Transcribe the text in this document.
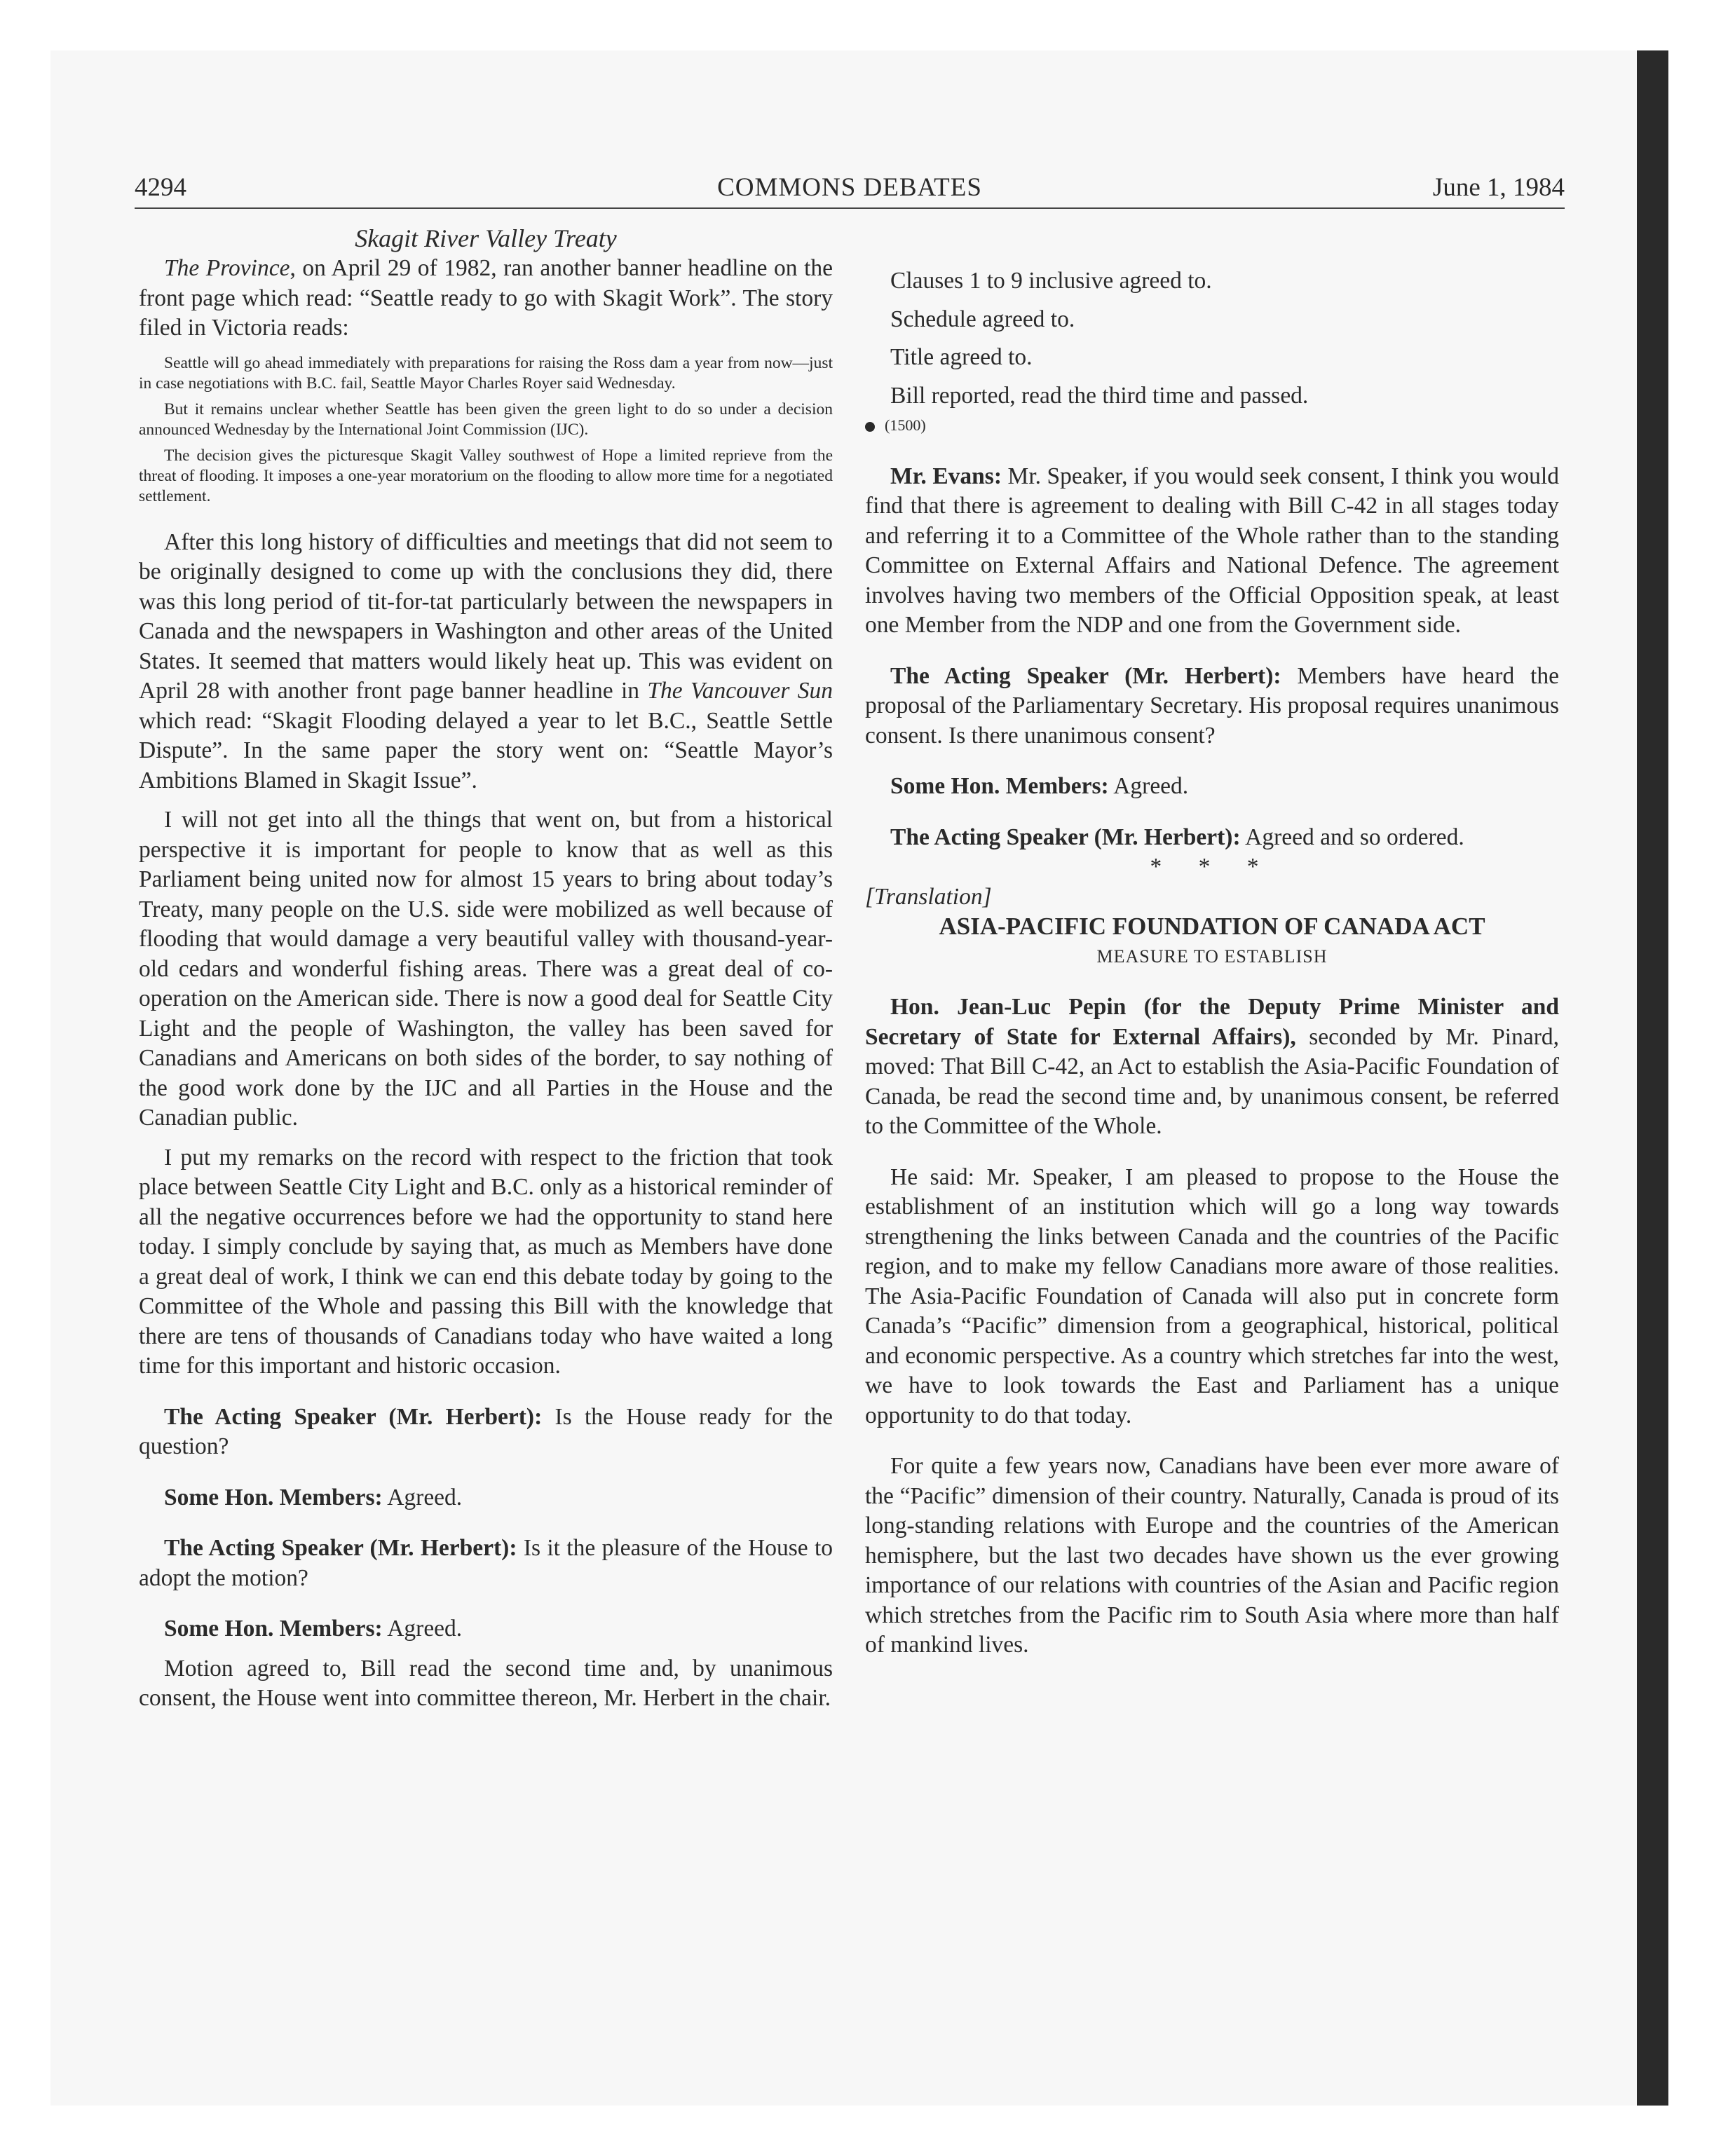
4294	COMMONS DEBATES	June 1, 1984

Skagit River Valley Treaty

The Province, on April 29 of 1982, ran another banner headline on the front page which read: “Seattle ready to go with Skagit Work”. The story filed in Victoria reads:

Seattle will go ahead immediately with preparations for raising the Ross dam a year from now—just in case negotiations with B.C. fail, Seattle Mayor Charles Royer said Wednesday.

But it remains unclear whether Seattle has been given the green light to do so under a decision announced Wednesday by the International Joint Commission (IJC).

The decision gives the picturesque Skagit Valley southwest of Hope a limited reprieve from the threat of flooding. It imposes a one-year moratorium on the flooding to allow more time for a negotiated settlement.

After this long history of difficulties and meetings that did not seem to be originally designed to come up with the conclusions they did, there was this long period of tit-for-tat particularly between the newspapers in Canada and the newspapers in Washington and other areas of the United States. It seemed that matters would likely heat up. This was evident on April 28 with another front page banner headline in The Vancouver Sun which read: “Skagit Flooding delayed a year to let B.C., Seattle Settle Dispute”. In the same paper the story went on: “Seattle Mayor’s Ambitions Blamed in Skagit Issue”.

I will not get into all the things that went on, but from a historical perspective it is important for people to know that as well as this Parliament being united now for almost 15 years to bring about today’s Treaty, many people on the U.S. side were mobilized as well because of flooding that would damage a very beautiful valley with thousand-year-old cedars and wonderful fishing areas. There was a great deal of co-operation on the American side. There is now a good deal for Seattle City Light and the people of Washington, the valley has been saved for Canadians and Americans on both sides of the border, to say nothing of the good work done by the IJC and all Parties in the House and the Canadian public.

I put my remarks on the record with respect to the friction that took place between Seattle City Light and B.C. only as a historical reminder of all the negative occurrences before we had the opportunity to stand here today. I simply conclude by saying that, as much as Members have done a great deal of work, I think we can end this debate today by going to the Committee of the Whole and passing this Bill with the knowledge that there are tens of thousands of Canadians today who have waited a long time for this important and historic occasion.

The Acting Speaker (Mr. Herbert): Is the House ready for the question?

Some Hon. Members: Agreed.

The Acting Speaker (Mr. Herbert): Is it the pleasure of the House to adopt the motion?

Some Hon. Members: Agreed.

Motion agreed to, Bill read the second time and, by unanimous consent, the House went into committee thereon, Mr. Herbert in the chair.

Clauses 1 to 9 inclusive agreed to.

Schedule agreed to.

Title agreed to.

Bill reported, read the third time and passed.

(1500)

Mr. Evans: Mr. Speaker, if you would seek consent, I think you would find that there is agreement to dealing with Bill C-42 in all stages today and referring it to a Committee of the Whole rather than to the standing Committee on External Affairs and National Defence. The agreement involves having two members of the Official Opposition speak, at least one Member from the NDP and one from the Government side.

The Acting Speaker (Mr. Herbert): Members have heard the proposal of the Parliamentary Secretary. His proposal requires unanimous consent. Is there unanimous consent?

Some Hon. Members: Agreed.

The Acting Speaker (Mr. Herbert): Agreed and so ordered.

* * *

[Translation]

ASIA-PACIFIC FOUNDATION OF CANADA ACT

MEASURE TO ESTABLISH

Hon. Jean-Luc Pepin (for the Deputy Prime Minister and Secretary of State for External Affairs), seconded by Mr. Pinard, moved: That Bill C-42, an Act to establish the Asia-Pacific Foundation of Canada, be read the second time and, by unanimous consent, be referred to the Committee of the Whole.

He said: Mr. Speaker, I am pleased to propose to the House the establishment of an institution which will go a long way towards strengthening the links between Canada and the countries of the Pacific region, and to make my fellow Canadians more aware of those realities. The Asia-Pacific Foundation of Canada will also put in concrete form Canada’s “Pacific” dimension from a geographical, historical, political and economic perspective. As a country which stretches far into the west, we have to look towards the East and Parliament has a unique opportunity to do that today.

For quite a few years now, Canadians have been ever more aware of the “Pacific” dimension of their country. Naturally, Canada is proud of its long-standing relations with Europe and the countries of the American hemisphere, but the last two decades have shown us the ever growing importance of our relations with countries of the Asian and Pacific region which stretches from the Pacific rim to South Asia where more than half of mankind lives.
